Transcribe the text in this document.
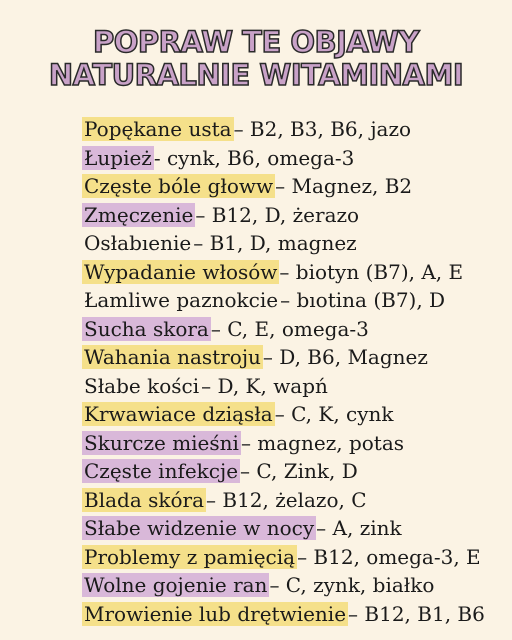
POPRAW TE OBJAWY
NATURALNIE WITAMINAMI
Popękane usta – B2, B3, B6, jazo
Łupież - cynk, B6, omega-3
Częste bóle głoww – Magnez, B2
Zmęczenie – B12, D, żerazo
Osłabıenie – B1, D, magnez
Wypadanie włosów – biotyn (B7), A, E
Łamliwe paznokcie – bıotina (B7), D
Sucha skora – C, E, omega-3
Wahania nastroju – D, B6, Magnez
Słabe kości – D, K, wapń
Krwawiace dziąsła – C, K, cynk
Skurcze mieśni – magnez, potas
Częste infekcje – C, Zink, D
Blada skóra – B12, żelazo, C
Słabe widzenie w nocy – A, zink
Problemy z pamięcią – B12, omega-3, E
Wolne gojenie ran – C, zynk, białko
Mrowienie lub drętwienie – B12, B1, B6
